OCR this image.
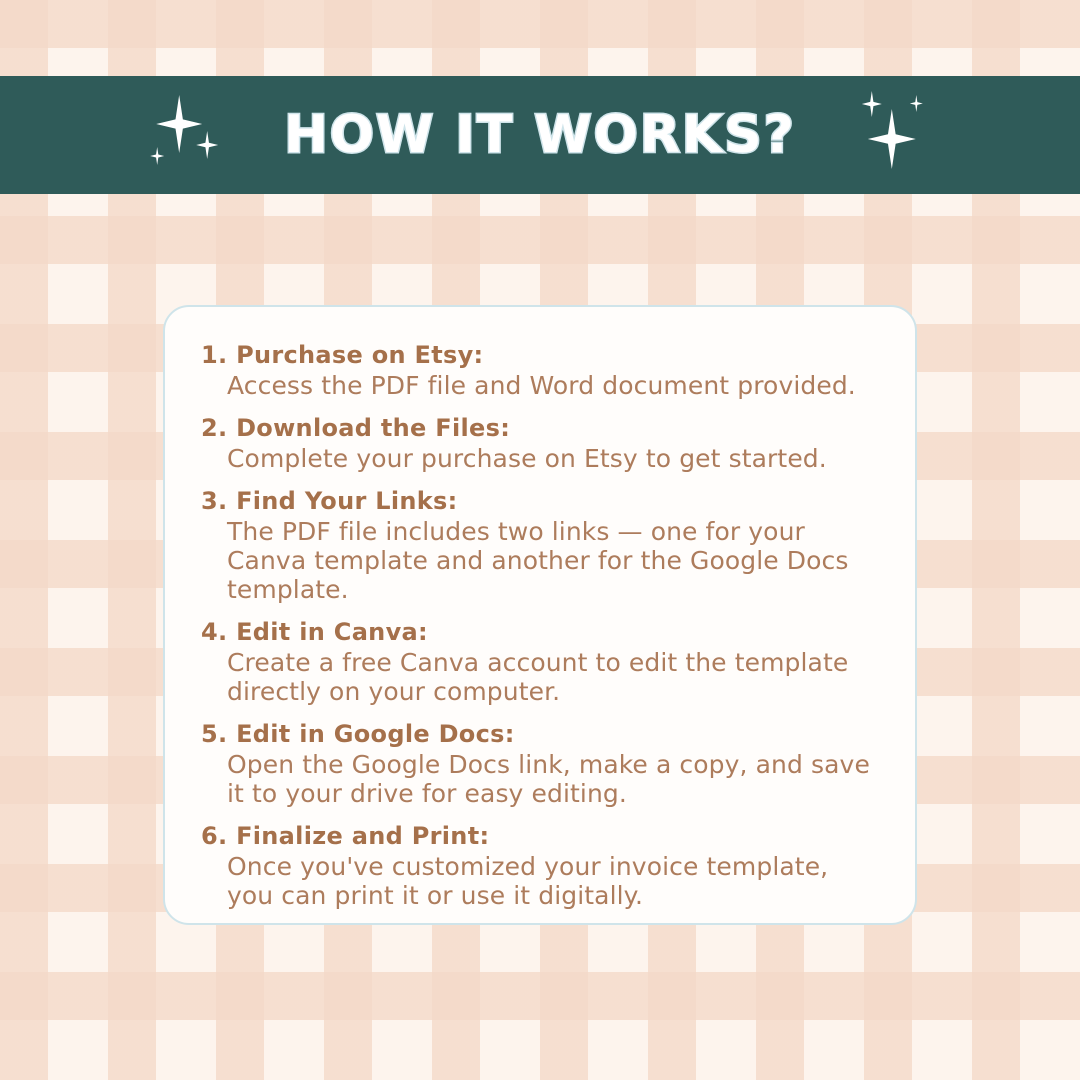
HOW IT WORKS?

1. Purchase on Etsy:

Access the PDF file and Word document provided.

2. Download the Files:

Complete your purchase on Etsy to get started.

3. Find Your Links:

The PDF file includes two links — one for your Canva template and another for the Google Docs template.

4. Edit in Canva:

Create a free Canva account to edit the template directly on your computer.

5. Edit in Google Docs:

Open the Google Docs link, make a copy, and save it to your drive for easy editing.

6. Finalize and Print:

Once you've customized your invoice template, you can print it or use it digitally.
